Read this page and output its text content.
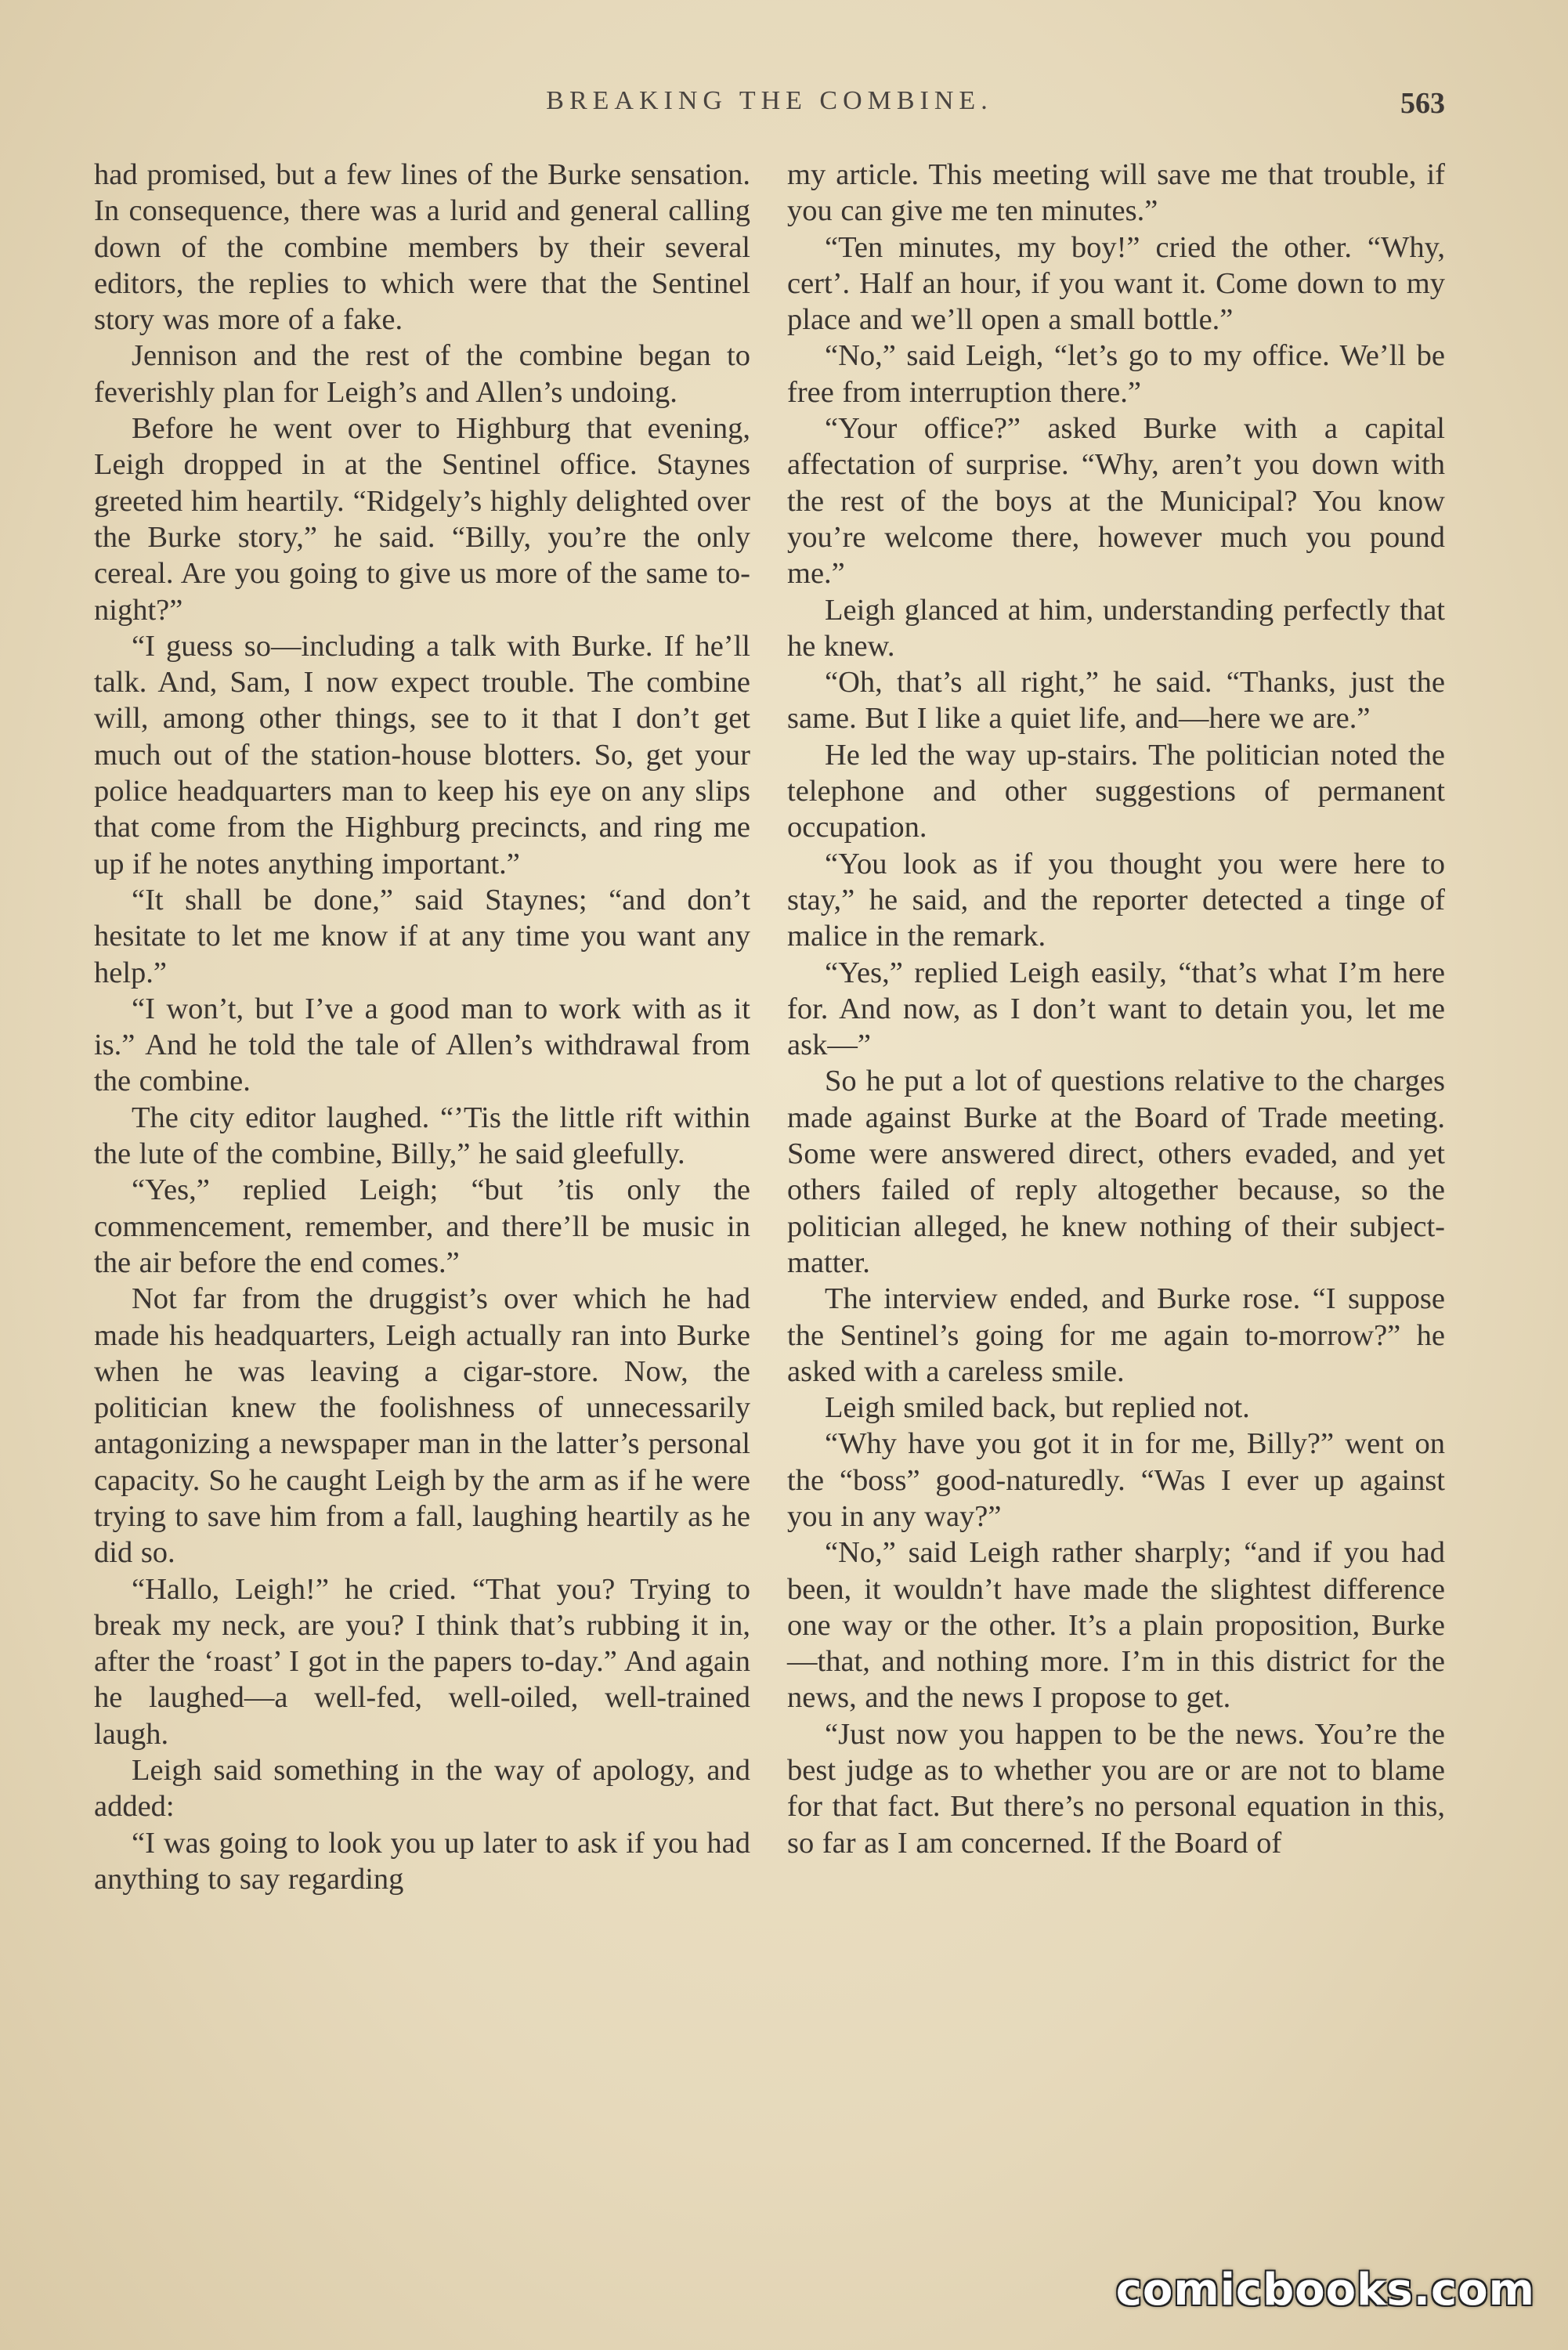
BREAKING THE COMBINE.	563

had promised, but a few lines of the Burke sensation. In consequence, there was a lurid and general calling down of the combine members by their several editors, the replies to which were that the Sentinel story was more of a fake.

Jennison and the rest of the combine began to feverishly plan for Leigh’s and Allen’s undoing.

Before he went over to Highburg that evening, Leigh dropped in at the Sentinel office. Staynes greeted him heartily. “Ridgely’s highly delighted over the Burke story,” he said. “Billy, you’re the only cereal. Are you going to give us more of the same to-night?”

“I guess so—including a talk with Burke. If he’ll talk. And, Sam, I now expect trouble. The combine will, among other things, see to it that I don’t get much out of the station-house blotters. So, get your police headquarters man to keep his eye on any slips that come from the Highburg precincts, and ring me up if he notes anything important.”

“It shall be done,” said Staynes; “and don’t hesitate to let me know if at any time you want any help.”

“I won’t, but I’ve a good man to work with as it is.” And he told the tale of Allen’s withdrawal from the combine.

The city editor laughed. “’Tis the little rift within the lute of the combine, Billy,” he said gleefully.

“Yes,” replied Leigh; “but ’tis only the commencement, remember, and there’ll be music in the air before the end comes.”

Not far from the druggist’s over which he had made his headquarters, Leigh actually ran into Burke when he was leaving a cigar-store. Now, the politician knew the foolishness of unnecessarily antagonizing a newspaper man in the latter’s personal capacity. So he caught Leigh by the arm as if he were trying to save him from a fall, laughing heartily as he did so.

“Hallo, Leigh!” he cried. “That you? Trying to break my neck, are you? I think that’s rubbing it in, after the ‘roast’ I got in the papers to-day.” And again he laughed—a well-fed, well-oiled, well-trained laugh.

Leigh said something in the way of apology, and added:

“I was going to look you up later to ask if you had anything to say regarding

my article. This meeting will save me that trouble, if you can give me ten minutes.”

“Ten minutes, my boy!” cried the other. “Why, cert’. Half an hour, if you want it. Come down to my place and we’ll open a small bottle.”

“No,” said Leigh, “let’s go to my office. We’ll be free from interruption there.”

“Your office?” asked Burke with a capital affectation of surprise. “Why, aren’t you down with the rest of the boys at the Municipal? You know you’re welcome there, however much you pound me.”

Leigh glanced at him, understanding perfectly that he knew.

“Oh, that’s all right,” he said. “Thanks, just the same. But I like a quiet life, and—here we are.”

He led the way up-stairs. The politician noted the telephone and other suggestions of permanent occupation.

“You look as if you thought you were here to stay,” he said, and the reporter detected a tinge of malice in the remark.

“Yes,” replied Leigh easily, “that’s what I’m here for. And now, as I don’t want to detain you, let me ask—”

So he put a lot of questions relative to the charges made against Burke at the Board of Trade meeting. Some were answered direct, others evaded, and yet others failed of reply altogether because, so the politician alleged, he knew nothing of their subject-matter.

The interview ended, and Burke rose. “I suppose the Sentinel’s going for me again to-morrow?” he asked with a careless smile.

Leigh smiled back, but replied not.

“Why have you got it in for me, Billy?” went on the “boss” good-naturedly. “Was I ever up against you in any way?”

“No,” said Leigh rather sharply; “and if you had been, it wouldn’t have made the slightest difference one way or the other. It’s a plain proposition, Burke—that, and nothing more. I’m in this district for the news, and the news I propose to get.

“Just now you happen to be the news. You’re the best judge as to whether you are or are not to blame for that fact. But there’s no personal equation in this, so far as I am concerned. If the Board of

comicbooks.com
